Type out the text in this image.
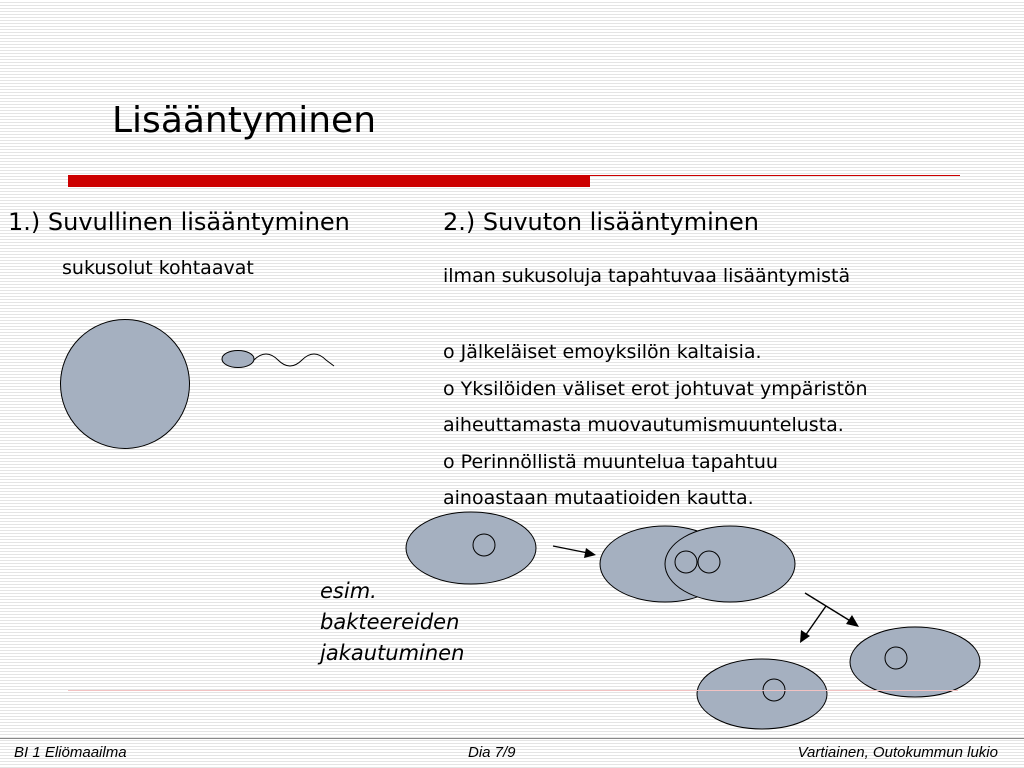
Lisääntyminen
1.) Suvullinen lisääntyminen	2.) Suvuton lisääntyminen
sukusolut kohtaavat	ilman sukusoluja tapahtuvaa lisääntymistä
o Jälkeläiset emoyksilön kaltaisia.
o Yksilöiden väliset erot johtuvat ympäristön
aiheuttamasta muovautumismuuntelusta.
o Perinnöllistä muuntelua tapahtuu
ainoastaan mutaatioiden kautta.
esim.
bakteereiden
jakautuminen
BI 1 Eliömaailma	Dia 7/9	Vartiainen, Outokummun lukio
